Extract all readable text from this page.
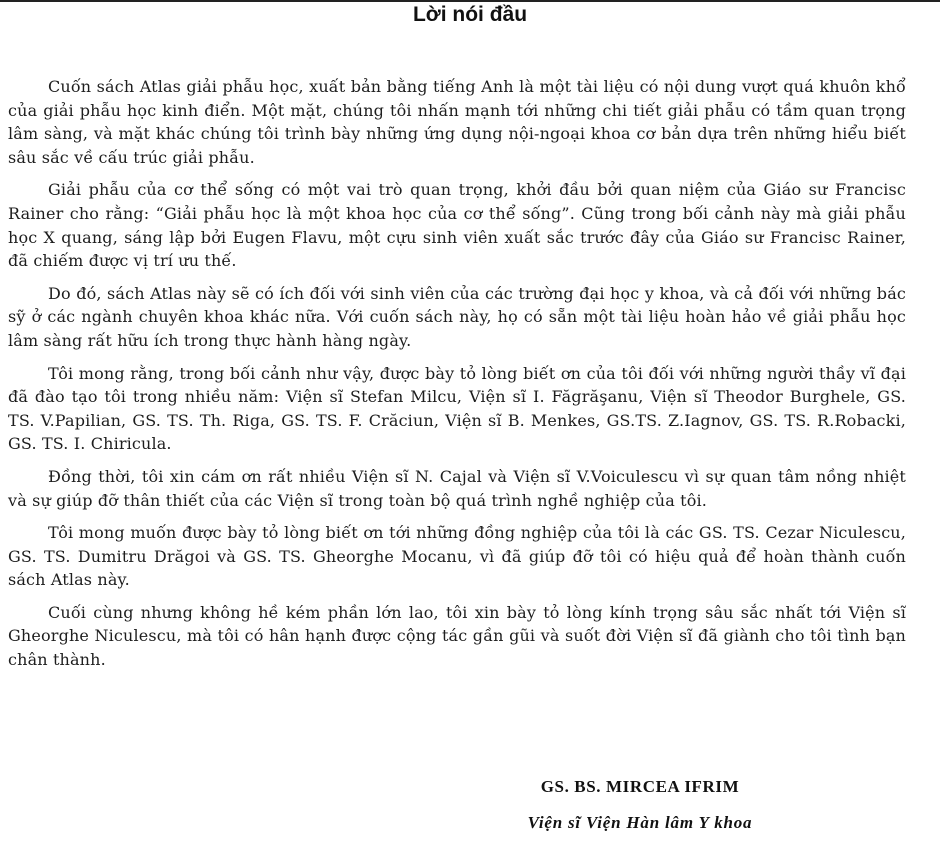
Lời nói đầu

Cuốn sách Atlas giải phẫu học, xuất bản bằng tiếng Anh là một tài liệu có nội dung vượt quá khuôn khổ của giải phẫu học kinh điển. Một mặt, chúng tôi nhấn mạnh tới những chi tiết giải phẫu có tầm quan trọng lâm sàng, và mặt khác chúng tôi trình bày những ứng dụng nội-ngoại khoa cơ bản dựa trên những hiểu biết sâu sắc về cấu trúc giải phẫu.

Giải phẫu của cơ thể sống có một vai trò quan trọng, khởi đầu bởi quan niệm của Giáo sư Francisc Rainer cho rằng: “Giải phẫu học là một khoa học của cơ thể sống”. Cũng trong bối cảnh này mà giải phẫu học X quang, sáng lập bởi Eugen Flavu, một cựu sinh viên xuất sắc trước đây của Giáo sư Francisc Rainer, đã chiếm được vị trí ưu thế.

Do đó, sách Atlas này sẽ có ích đối với sinh viên của các trường đại học y khoa, và cả đối với những bác sỹ ở các ngành chuyên khoa khác nữa. Với cuốn sách này, họ có sẵn một tài liệu hoàn hảo về giải phẫu học lâm sàng rất hữu ích trong thực hành hàng ngày.

Tôi mong rằng, trong bối cảnh như vậy, được bày tỏ lòng biết ơn của tôi đối với những người thầy vĩ đại đã đào tạo tôi trong nhiều năm: Viện sĩ Stefan Milcu, Viện sĩ I. Făgrăşanu, Viện sĩ Theodor Burghele, GS. TS. V.Papilian, GS. TS. Th. Riga, GS. TS. F. Crăciun, Viện sĩ B. Menkes, GS.TS. Z.Iagnov, GS. TS. R.Robacki, GS. TS. I. Chiricula.

Đồng thời, tôi xin cám ơn rất nhiều Viện sĩ N. Cajal và Viện sĩ V.Voiculescu vì sự quan tâm nồng nhiệt và sự giúp đỡ thân thiết của các Viện sĩ trong toàn bộ quá trình nghề nghiệp của tôi.

Tôi mong muốn được bày tỏ lòng biết ơn tới những đồng nghiệp của tôi là các GS. TS. Cezar Niculescu, GS. TS. Dumitru Drăgoi và GS. TS. Gheorghe Mocanu, vì đã giúp đỡ tôi có hiệu quả để hoàn thành cuốn sách Atlas này.

Cuối cùng nhưng không hề kém phần lớn lao, tôi xin bày tỏ lòng kính trọng sâu sắc nhất tới Viện sĩ Gheorghe Niculescu, mà tôi có hân hạnh được cộng tác gần gũi và suốt đời Viện sĩ đã giành cho tôi tình bạn chân thành.

GS. BS. MIRCEA IFRIM

Viện sĩ Viện Hàn lâm Y khoa
